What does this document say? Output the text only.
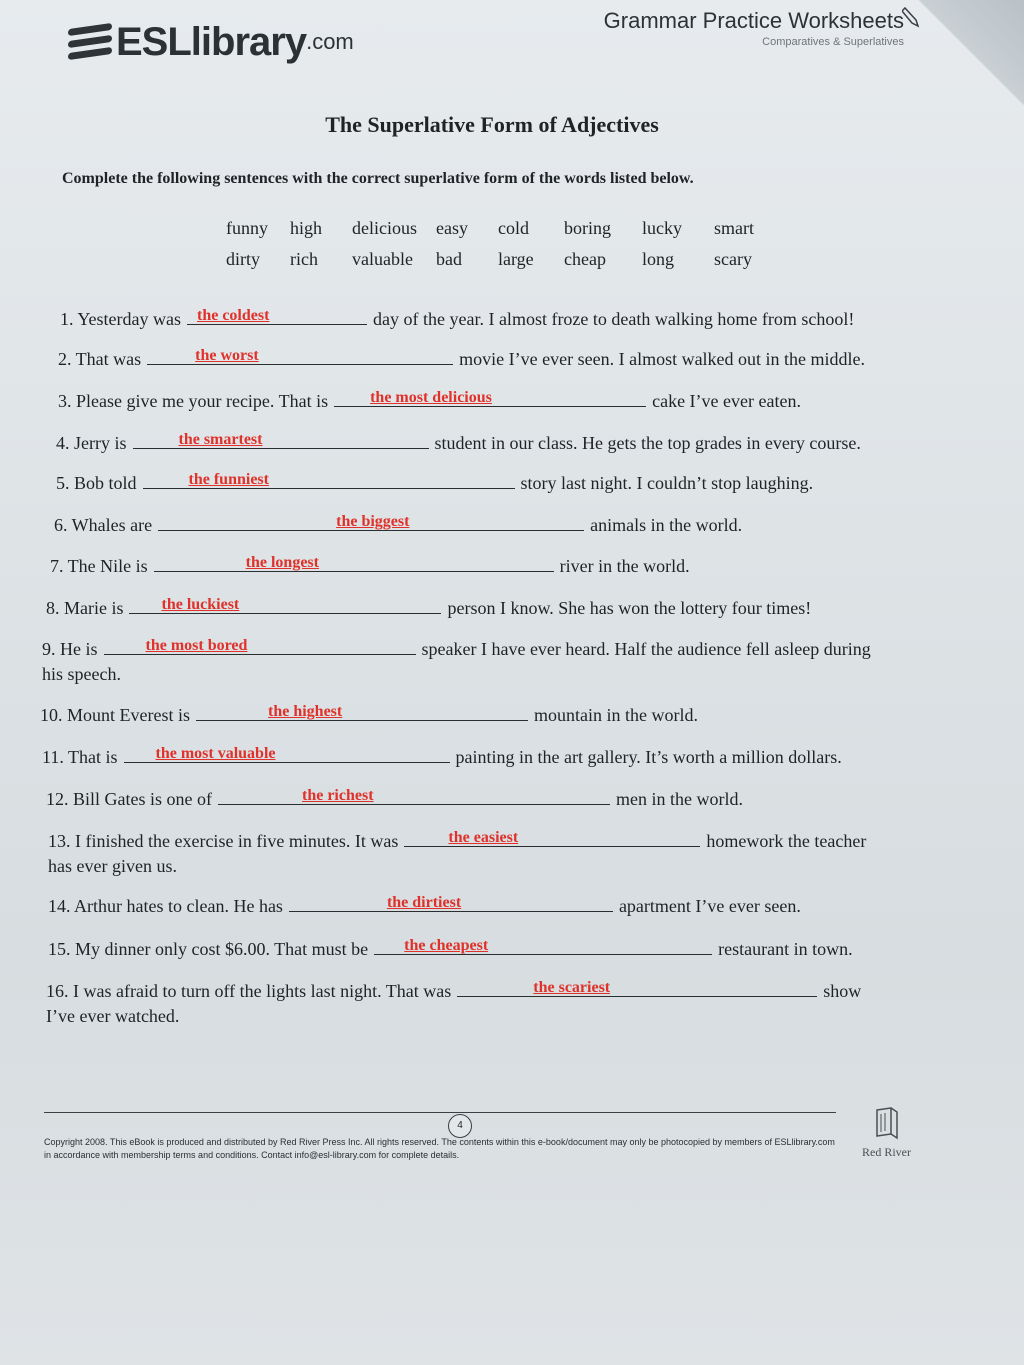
ESLlibrary .com
Grammar Practice Worksheets
Comparatives & Superlatives
The Superlative Form of Adjectives
Complete the following sentences with the correct superlative form of the words listed below.
funny	high	delicious	easy	cold	boring	lucky	smart
dirty	rich	valuable	bad	large	cheap	long	scary
1. Yesterday was the coldest	day of the year. I almost froze to death walking home from school!
2. That was	the worst	movie I’ve ever seen. I almost walked out in the middle.
3. Please give me your recipe. That is	the most delicious	cake I’ve ever eaten.
4. Jerry is	the smartest	student in our class. He gets the top grades in every course.
5. Bob told	the funniest	story last night. I couldn’t stop laughing.
6. Whales are	the biggest	animals in the world.
7. The Nile is	the longest	river in the world.
8. Marie is the luckiest	person I know. She has won the lottery four times!
9. He is	the most bored	speaker I have ever heard. Half the audience fell asleep during
his speech.
10. Mount Everest is	the highest	mountain in the world.
11. That is the most valuable	painting in the art gallery. It’s worth a million dollars.
12. Bill Gates is one of	the richest	men in the world.
13. I finished the exercise in five minutes. It was	the easiest	homework the teacher
has ever given us.
14. Arthur hates to clean. He has	the dirtiest	apartment I’ve ever seen.
15. My dinner only cost $6.00. That must be the cheapest	restaurant in town.
16. I was afraid to turn off the lights last night. That was	the scariest	show
I’ve ever watched.
4
Copyright 2008. This eBook is produced and distributed by Red River Press Inc. All rights reserved. The contents within this e-book/document may only be photocopied by members of ESLlibrary.com in accordance with membership terms and conditions. Contact info@esl-library.com for complete details.	Red River
